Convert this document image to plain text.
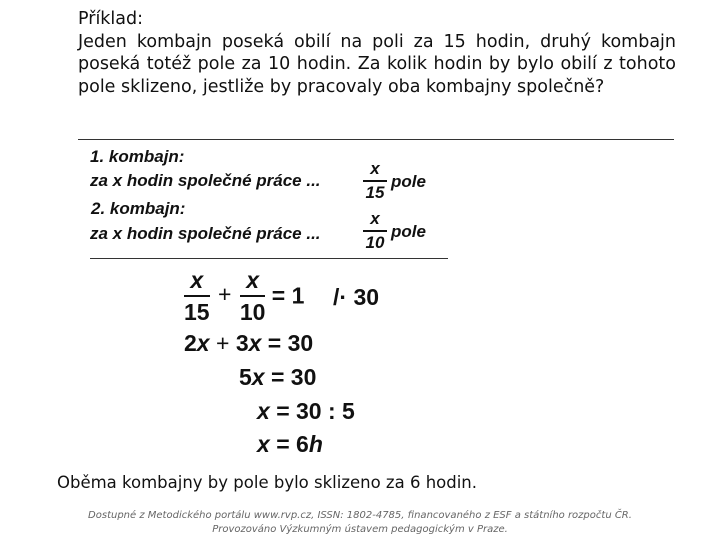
Příklad:
Jeden kombajn poseká obilí na poli za 15 hodin, druhý kombajn poseká totéž pole za 10 hodin. Za kolik hodin by bylo obilí z tohoto pole sklizeno, jestliže by pracovaly oba kombajny společně?
1. kombajn:
za x hodin společné práce ...
x
15
pole
2. kombajn:
za x hodin společné práce ...
x
10
pole
$\frac{x}{15} + \frac{x}{10} = 1 /\cdot 30$
2x + 3x = 30
5x = 30
x = 30 : 5
x = 6h
Oběma kombajny by pole bylo sklizeno za 6 hodin.
Dostupné z Metodického portálu www.rvp.cz, ISSN: 1802-4785, financovaného z ESF a státního rozpočtu ČR.
Provozováno Výzkumným ústavem pedagogickým v Praze.
